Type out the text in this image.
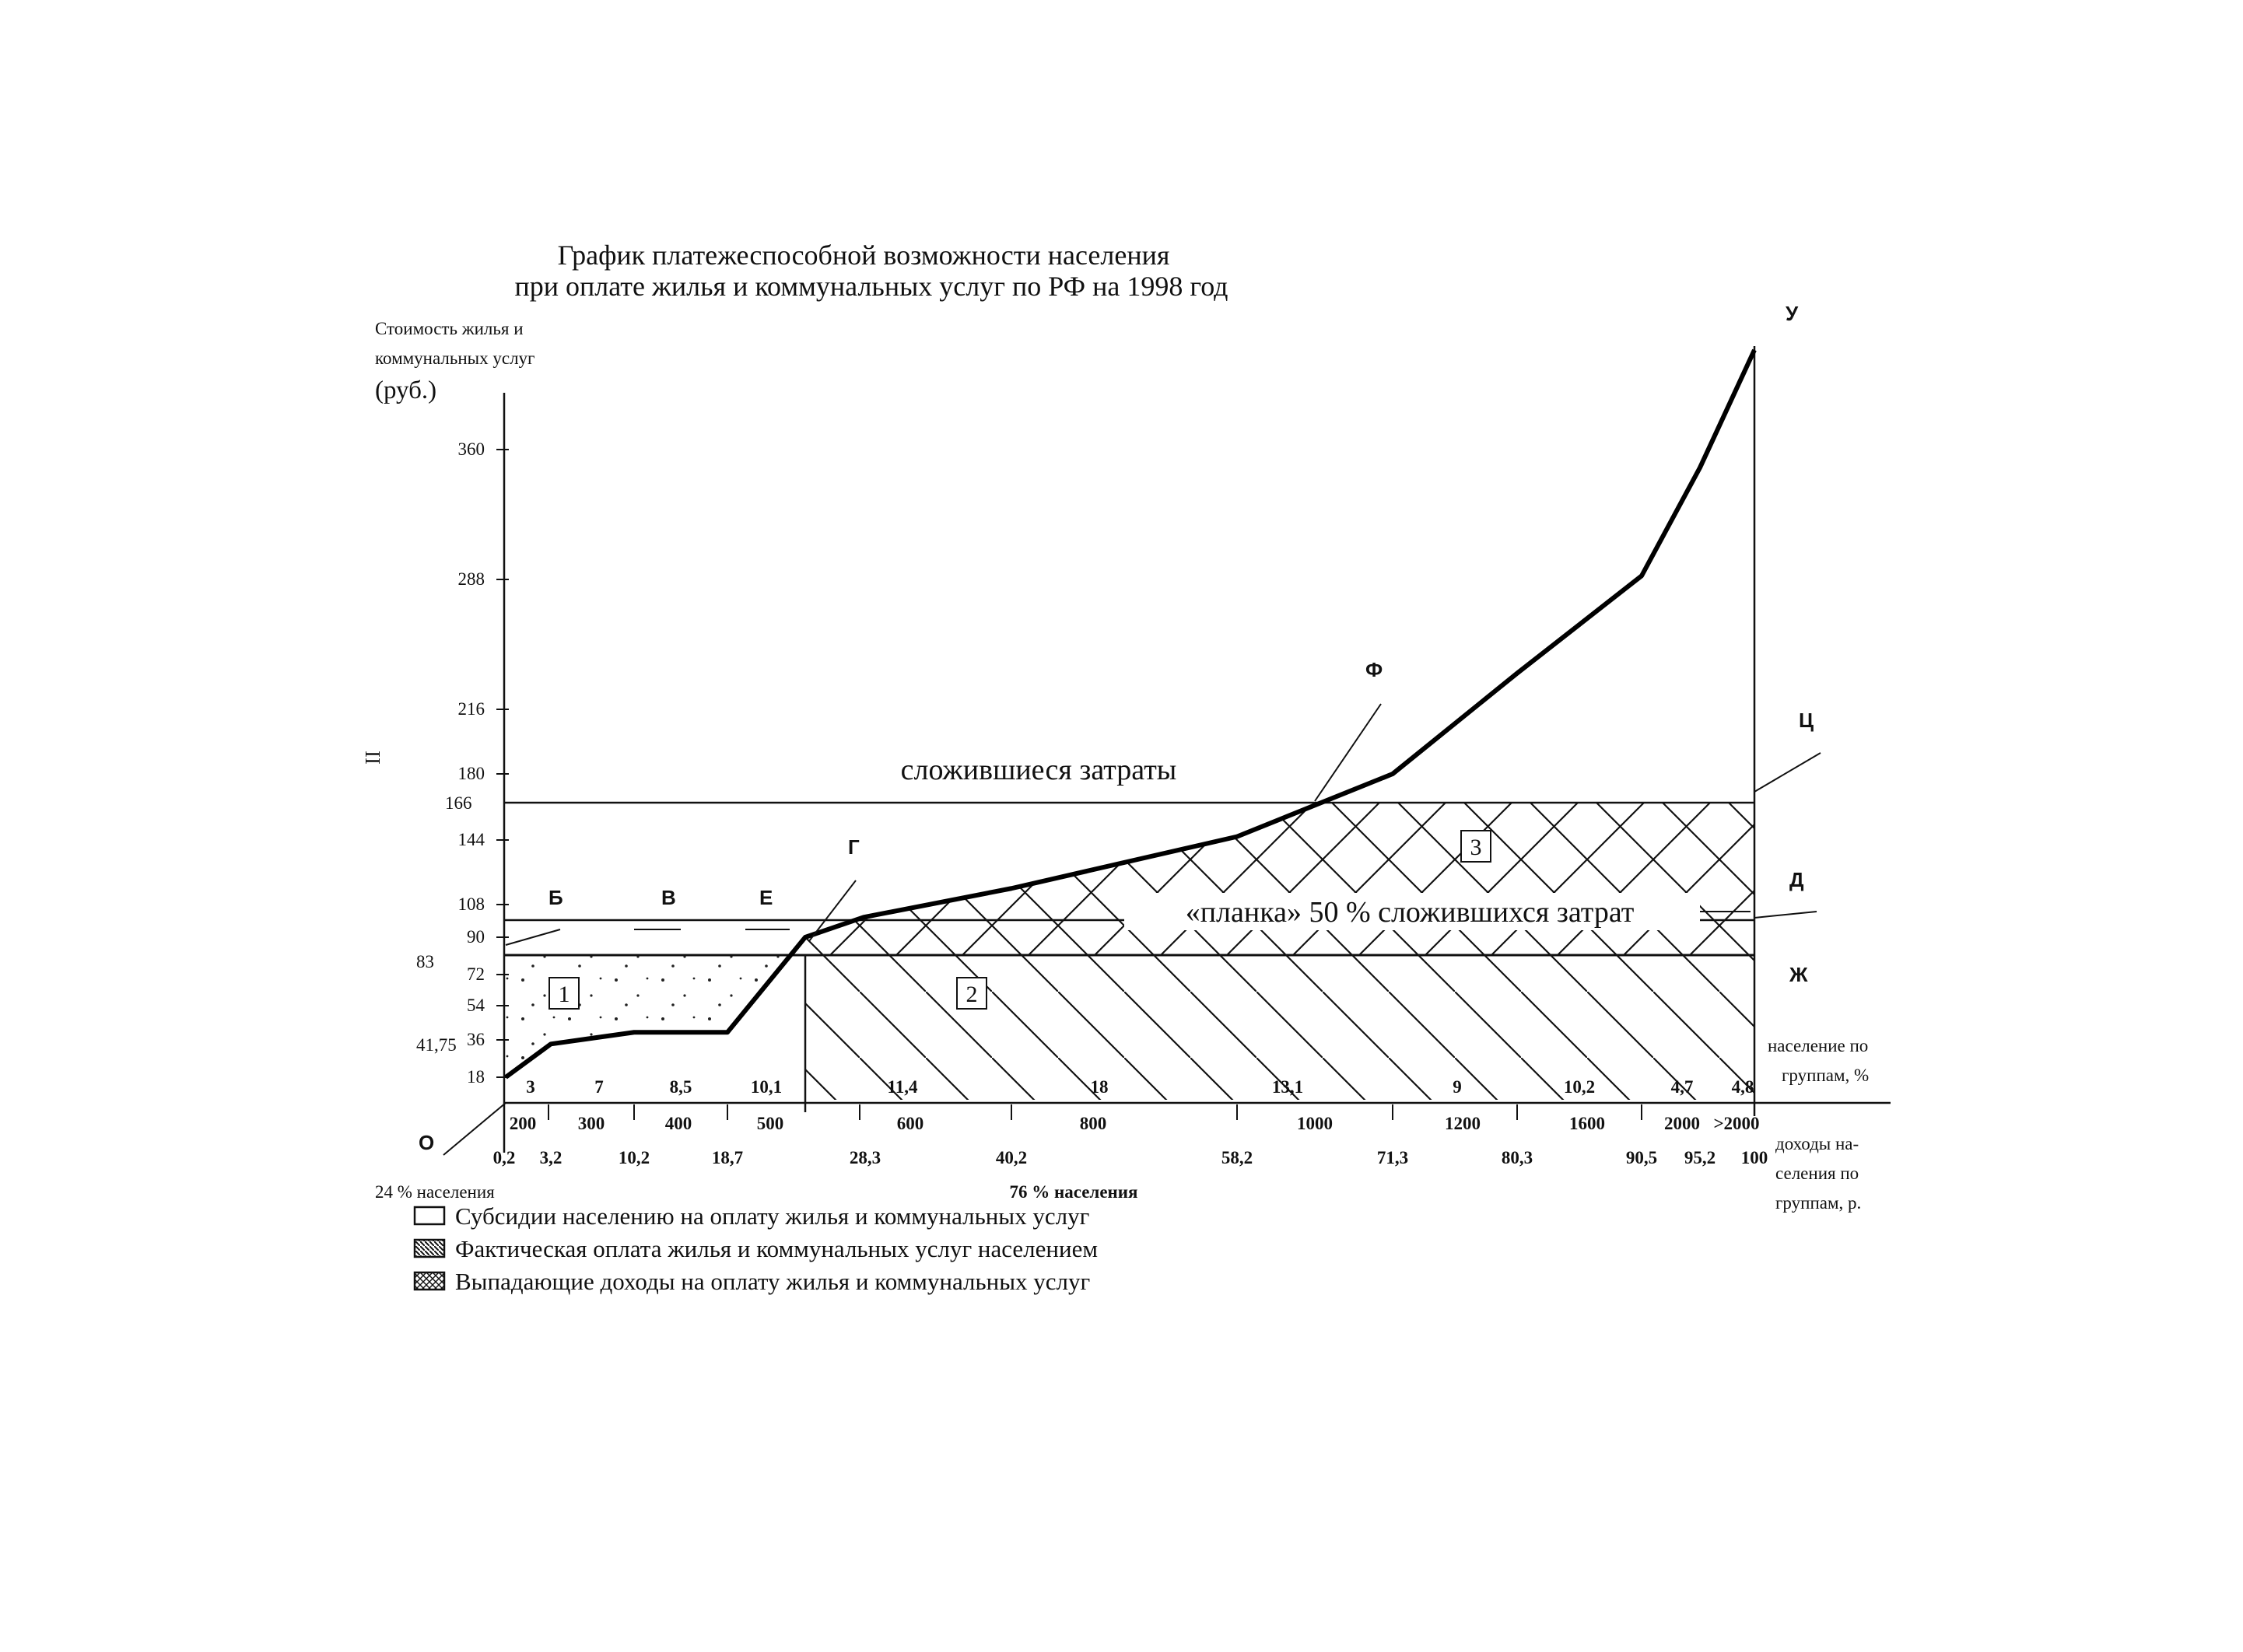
График платежеспособной возможности населения
при оплате жилья и коммунальных услуг по РФ на 1998 год
Стоимость жилья и
коммунальных услуг
(руб.)
II
18
36
54
72
90
108
144
180
216
288
360
41,75
83
166
200 300	400	500	600	800	1000	1200	1600	2000 >2000
3	7	8,5	10,1	11,4	18	13,1	9	10,2	4,7 4,8
0,2 3,2	10,2	18,7	28,3	40,2	58,2	71,3	80,3	90,5 95,2 100
сложившиеся затраты
«планка» 50 % сложившихся затрат
1	2
3
О
Б	В	Е
Г
Ф
У
Ц
Д
Ж
население по
группам, %
доходы на-
селения по
группам, р.
24 % населения	76 % населения
Субсидии населению на оплату жилья и коммунальных услуг
Фактическая оплата жилья и коммунальных услуг населением
Выпадающие доходы на оплату жилья и коммунальных услуг
